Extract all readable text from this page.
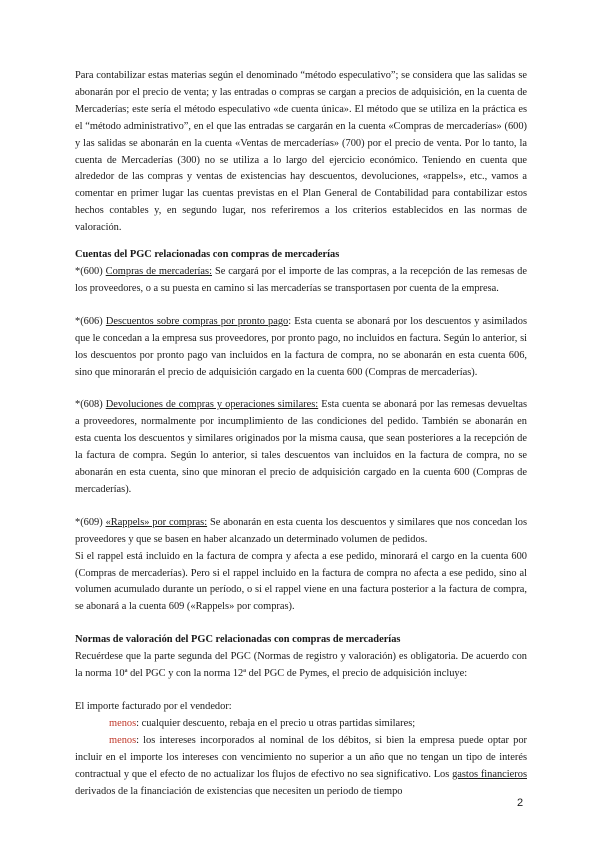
Para contabilizar estas materias según el denominado “método especulativo”; se considera que las salidas se abonarán por el precio de venta; y las entradas o compras se cargan a precios de adquisición, en la cuenta de Mercaderías; este sería el método especulativo «de cuenta única». El método que se utiliza en la práctica es el “método administrativo”, en el que las entradas se cargarán en la cuenta «Compras de mercaderías» (600) y las salidas se abonarán en la cuenta «Ventas de mercaderías» (700) por el precio de venta. Por lo tanto, la cuenta de Mercaderías (300) no se utiliza a lo largo del ejercicio económico. Teniendo en cuenta que alrededor de las compras y ventas de existencias hay descuentos, devoluciones, «rappels», etc., vamos a comentar en primer lugar las cuentas previstas en el Plan General de Contabilidad para contabilizar estos hechos contables y, en segundo lugar, nos referiremos a los criterios establecidos en las normas de valoración.

Cuentas del PGC relacionadas con compras de mercaderías

*(600) Compras de mercaderías: Se cargará por el importe de las compras, a la recepción de las remesas de los proveedores, o a su puesta en camino si las mercaderías se transportasen por cuenta de la empresa.

*(606) Descuentos sobre compras por pronto pago: Esta cuenta se abonará por los descuentos y asimilados que le concedan a la empresa sus proveedores, por pronto pago, no incluidos en factura. Según lo anterior, si los descuentos por pronto pago van incluidos en la factura de compra, no se abonarán en esta cuenta 606, sino que minorarán el precio de adquisición cargado en la cuenta 600 (Compras de mercaderías).

*(608) Devoluciones de compras y operaciones similares: Esta cuenta se abonará por las remesas devueltas a proveedores, normalmente por incumplimiento de las condiciones del pedido. También se abonarán en esta cuenta los descuentos y similares originados por la misma causa, que sean posteriores a la recepción de la factura de compra. Según lo anterior, si tales descuentos van incluidos en la factura de compra, no se abonarán en esta cuenta, sino que minoran el precio de adquisición cargado en la cuenta 600 (Compras de mercaderías).

*(609) «Rappels» por compras: Se abonarán en esta cuenta los descuentos y similares que nos concedan los proveedores y que se basen en haber alcanzado un determinado volumen de pedidos.

Si el rappel está incluido en la factura de compra y afecta a ese pedido, minorará el cargo en la cuenta 600 (Compras de mercaderías). Pero si el rappel incluido en la factura de compra no afecta a ese pedido, sino al volumen acumulado durante un período, o si el rappel viene en una factura posterior a la factura de compra, se abonará a la cuenta 609 («Rappels» por compras).

Normas de valoración del PGC relacionadas con compras de mercaderías

Recuérdese que la parte segunda del PGC (Normas de registro y valoración) es obligatoria. De acuerdo con la norma 10ª del PGC y con la norma 12ª del PGC de Pymes, el precio de adquisición incluye:

El importe facturado por el vendedor:

menos: cualquier descuento, rebaja en el precio u otras partidas similares;

menos: los intereses incorporados al nominal de los débitos, si bien la empresa puede optar por incluir en el importe los intereses con vencimiento no superior a un año que no tengan un tipo de interés contractual y que el efecto de no actualizar los flujos de efectivo no sea significativo. Los gastos financieros derivados de la financiación de existencias que necesiten un periodo de tiempo

2
